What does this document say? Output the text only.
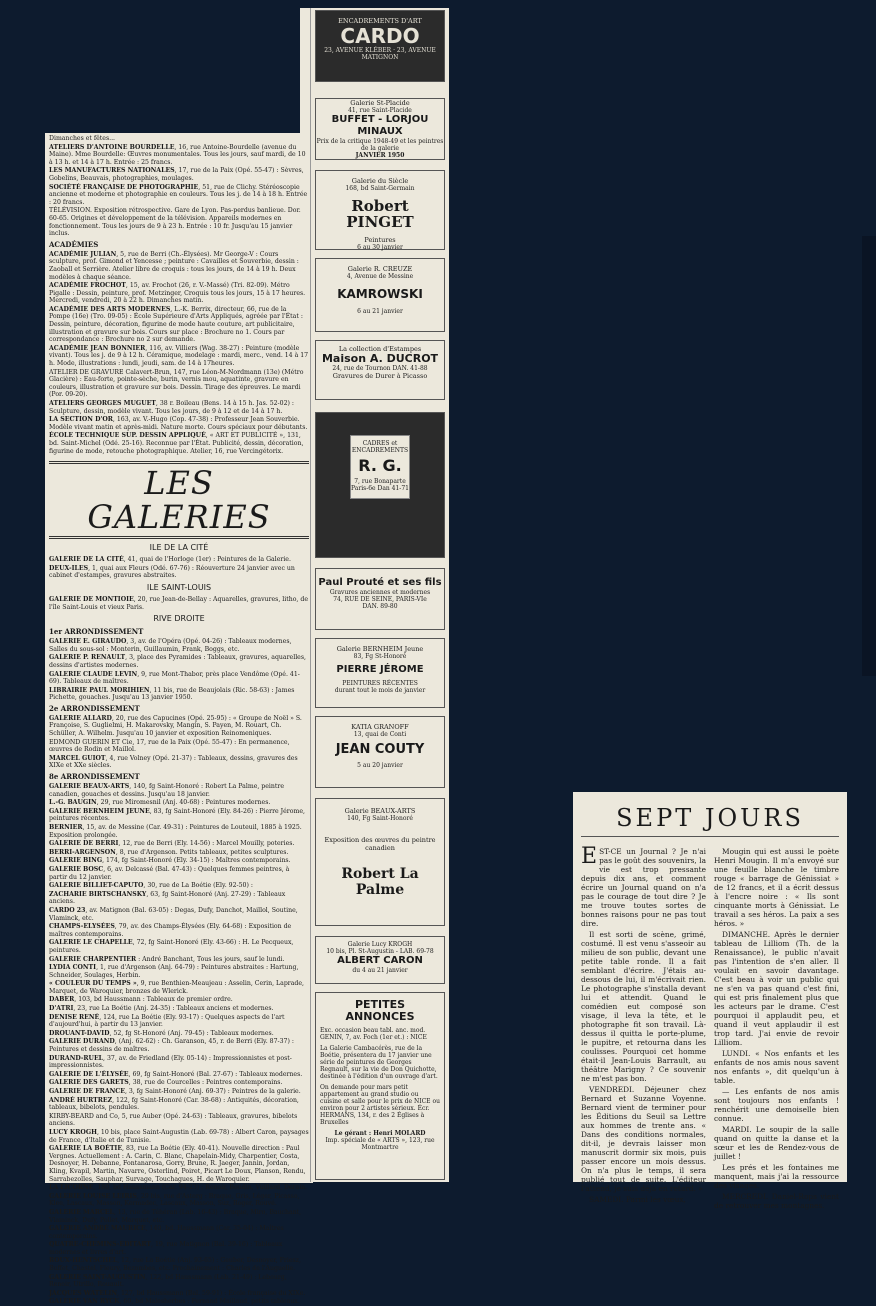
Dimanches et fêtes...
ATELIERS D'ANTOINE BOURDELLE, 16, rue Antoine-Bourdelle (avenue du Maine). Mme Bourdelle: Œuvres monumentales. Tous les jours, sauf mardi, de 10 à 13 h. et 14 à 17 h. Entrée : 25 francs.
LES MANUFACTURES NATIONALES, 17, rue de la Paix (Opé. 55-47) : Sèvres, Gobelins, Beauvais, photographies, moulages.
SOCIÉTÉ FRANÇAISE DE PHOTOGRAPHIE, 51, rue de Clichy. Stéréoscopie ancienne et moderne et photographie en couleurs. Tous les j. de 14 à 18 h. Entrée : 20 francs.
TÉLÉVISION. Exposition rétrospective. Gare de Lyon. Pas-perdus banlieue. Dor. 60-65. Origines et développement de la télévision. Appareils modernes en fonctionnement. Tous les jours de 9 à 23 h. Entrée : 10 fr. Jusqu'au 15 janvier inclus.
ACADÉMIES
ACADÉMIE JULIAN, 5, rue de Berri (Ch.-Élysées). Mr George-V : Cours sculpture, prof. Gimond et Yencesse ; peinture : Cavailles et Souverbie, dessin : Zaoball et Serrière. Atelier libre de croquis : tous les jours, de 14 à 19 h. Deux modèles à chaque séance.
ACADÉMIE FROCHOT, 15, av. Frochot (26, r. V.-Massé) (Tri. 82-09). Métro Pigalle : Dessin, peinture, prof. Metzinger, Croquis tous les jours, 15 à 17 heures. Mercredi, vendredi, 20 à 22 h. Dimanches matin.
ACADÉMIE DES ARTS MODERNES, L.-K. Berrix, directeur, 66, rue de la Pompe (16e) (Tro. 09-05) : École Supérieure d'Arts Appliqués, agréée par l'État : Dessin, peinture, décoration, figurine de mode haute couture, art publicitaire, illustration et gravure sur bois. Cours sur place : Brochure no 1. Cours par correspondance : Brochure no 2 sur demande.
ACADÉMIE JEAN BONNIER, 116, av. Villiers (Wag. 38-27) : Peinture (modèle vivant). Tous les j. de 9 à 12 h. Céramique, modelage : mardi, merc., vend. 14 à 17 h. Mode, illustrations : lundi, jeudi, sam. de 14 à 17heures.
ATELIER DE GRAVURE Calavert-Brun, 147, rue Léon-M-Nordmann (13e) (Métro Glacière) : Eau-forte, pointe-sèche, burin, vernis mou, aquatinte, gravure en couleurs, illustration et gravure sur bois. Dessin. Tirage des épreuves. Le mardi (Por. 09-20).
ATELIERS GEORGES MUGUET, 38 r. Boileau (Bens. 14 à 15 h. Jas. 52-02) : Sculpture, dessin, modèle vivant. Tous les jours, de 9 à 12 et de 14 à 17 h.
LA SECTION D'OR, 163, av. V.-Hugo (Cop. 47-38) : Professeur Jean Souverbie. Modèle vivant matin et après-midi. Nature morte. Cours spéciaux pour débutants.
ÉCOLE TECHNIQUE SUP. DESSIN APPLIQUÉ, « ART ET PUBLICITÉ », 131, bd. Saint-Michel (Odé. 25-16). Reconnue par l'État. Publicité, dessin, décoration, figurine de mode, retouche photographique. Atelier, 16, rue Vercingétorix.
LES GALERIES
ILE DE LA CITÉ
GALERIE DE LA CITÉ, 41, quai de l'Horloge (1er) : Peintures de la Galerie.
DEUX-ILES, 1, quai aux Fleurs (Odé. 67-76) : Réouverture 24 janvier avec un cabinet d'estampes, gravures abstraites.
ILE SAINT-LOUIS
GALERIE DE MONTIOIE, 20, rue Jean-de-Bellay : Aquarelles, gravures, litho, de l'île Saint-Louis et vieux Paris.
RIVE DROITE
1er ARRONDISSEMENT
GALERIE E. GIRAUDO, 3, av. de l'Opéra (Opé. 04-26) : Tableaux modernes, Salles du sous-sol : Monterin, Guillaumin, Frank, Boggs, etc.
GALERIE P. RENAULT, 3, place des Pyramides : Tableaux, gravures, aquarelles, dessins d'artistes modernes.
GALERIE CLAUDE LEVIN, 9, rue Mont-Thabor, près place Vendôme (Opé. 41-69). Tableaux de maîtres.
LIBRAIRIE PAUL MORIHIEN, 11 bis, rue de Beaujolais (Ric. 58-63) : James Pichette, gouaches. Jusqu'au 13 janvier 1950.
2e ARRONDISSEMENT
GALERIE ALLARD, 20, rue des Capucines (Opé. 25-95) : « Groupe de Noël » S. Françoise, S. Guglielmi, H. Makarovsky, Mangin, S. Payen, M. Rouart, Ch. Schüller, A. Wilhelm. Jusqu'au 10 janvier et exposition Reinomeniques.
EDMOND GUERIN ET Cie, 17, rue de la Paix (Opé. 55-47) : En permanence, œuvres de Rodin et Maillol.
MARCEL GUIOT, 4, rue Volney (Opé. 21-37) : Tableaux, dessins, gravures des XIXe et XXe siècles.
8e ARRONDISSEMENT
GALERIE BEAUX-ARTS, 140, fg Saint-Honoré : Robert La Palme, peintre canadien, gouaches et dessins. Jusqu'au 18 janvier.
L.-G. BAUGIN, 29, rue Miromesnil (Anj. 40-68) : Peintures modernes.
GALERIE BERNHEIM JEUNE, 83, fg Saint-Honoré (Ely. 84-26) : Pierre Jérome, peintures récentes.
BERNIER, 15, av. de Messine (Car. 49-31) : Peintures de Louteuil, 1885 à 1925. Exposition prolongée.
GALERIE DE BERRI, 12, rue de Berri (Ely. 14-56) : Marcel Mouilly, poteries.
BERRI-ARGENSON, 8, rue d'Argenson. Petits tableaux, petites sculptures.
GALERIE BING, 174, fg Saint-Honoré (Ely. 34-15) : Maîtres contemporains.
GALERIE BOSC, 6, av. Delcassé (Bal. 47-43) : Quelques femmes peintres, à partir du 12 janvier.
GALERIE BILLIET-CAPUTO, 30, rue de La Boétie (Ely. 92-50) :
ZACHARIE BIRTSCHANSKY, 63, fg Saint-Honoré (Anj. 27-29) : Tableaux anciens.
CARDO 23, av. Matignon (Bal. 63-05) : Degas, Dufy, Danchot, Maillol, Soutine, Vlaminck, etc.
CHAMPS-ELYSÉES, 79, av. des Champs-Élysées (Ely. 64-68) : Exposition de maîtres contemporains.
GALERIE LE CHAPELLE, 72, fg Saint-Honoré (Ely. 43-66) : H. Le Pecqueux, peintures.
GALERIE CHARPENTIER : André Banchant, Tous les jours, sauf le lundi.
LYDIA CONTI, 1, rue d'Argenson (Anj. 64-79) : Peintures abstraites : Hartung, Schneider, Soulages, Herbin.
« COULEUR DU TEMPS », 9, rue Benthien-Meaujeau : Asselin, Cerin, Laprade, Marquet, de Waroquier, bronzes de Wlerick.
DABER, 103, bd Haussmann : Tableaux de premier ordre.
D'ATRI, 23, rue La Boétie (Anj. 24-35) : Tableaux anciens et modernes.
DENISE RENÉ, 124, rue La Boétie (Ely. 93-17) : Quelques aspects de l'art d'aujourd'hui, à partir du 13 janvier.
DROUANT-DAVID, 52, fg St-Honoré (Anj. 79-45) : Tableaux modernes.
GALERIE DURAND, (Anj. 62-62) : Ch. Garanson, 45, r. de Berri (Ely. 87-37) : Peintures et dessins de maîtres.
DURAND-RUEL, 37, av. de Friedland (Ely. 05-14) : Impressionnistes et post-impressionnistes.
GALERIE DE L'ÉLYSÉE, 69, fg Saint-Honoré (Bal. 27-67) : Tableaux modernes.
GALERIE DES GARETS, 38, rue de Courcelles : Peintres contemporains.
GALERIE DE FRANCE, 3, fg Saint-Honoré (Anj. 69-37) : Peintres de la galerie.
ANDRÉ HURTREZ, 122, fg Saint-Honoré (Car. 38-68) : Antiquités, décoration, tableaux, bibelots, pendules.
KIRBY-BEARD and Co, 5, rue Auber (Opé. 24-63) : Tableaux, gravures, bibelots anciens.
LUCY KROGH, 10 bis, place Saint-Augustin (Lab. 69-78) : Albert Caron, paysages de France, d'Italie et de Tunisie.
GALERIE LA BOÉTIE, 83, rue La Boétie (Ely. 40-41). Nouvelle direction : Paul Vergnes. Actuellement : A. Carin, C. Blanc, Chapelain-Midy, Charpentier, Costa, Desnoyer, H. Debanne, Fontanarosa, Gorry, Brune, R. Jaeger, Jannin, Jordan, Kling, Kvapil, Martin, Navarre, Osterlind, Poiret, Picart Le Doux, Planson, Rendu, Sarrabezolles, Sauphar, Survage, Touchagues, H. de Waroquier.
LA LICORNE, 180, bd Haussmann (Car. 94-23) : Renoir, Boudin, Vuillard, Derain.
GALERIE LOUISE LEIRIS, 29 bis, rue d'Astorg : Braque, Gris, Léger, Picasso, Klee, Lascaux, Masson, Kermadec, Lascaux, Masson, Suz, Roger, Rouvé.
GALERIE MARCEL, 13, rue de Téhéran (Lab. 16-43) : Braque, Miro, Bauchant, Vlaminck, Dufy, Pollet, Marquet, etc.
GALERIE ANDRÉ MAURICE, 140, bd. Haussmann (Car. 35-04) : Maîtres contemporains.
QUATRE-CHEMINS-EDITART, 19, rue Matignon (Bal. 39-16) : Tableaux modernes et livres d'art.
ROUX-HENTSCHEL, 12, rue La Boétie (Anj. 93-65) : Geuber, Desnoyer, Friesz, Buffet, Chastel, Fleury, Bezombes, etc. Prochainement : Charles de l'Auguelle.
GALERIE SAINT-AUGUSTIN, 122, bd Haussmann (Lab. 21-49) : Lebourg, Renoir, Utrillo, Rouault.
JACQUES WATELIN, 127, bd Haussmann (Bal. 59-91) : École française du XIXe.
GALERIE VAN RYCK, 60, bd Malesherbes : Fernand Maillaud, petits tableaux.
ENCADREMENTS D'ART
CARDO
23, AVENUE KLÉBER · 23, AVENUE MATIGNON
Galerie St-Placide
41, rue Saint-Placide
BUFFET - LORJOU MINAUX
Prix de la critique 1948-49 et les peintres de la galerie
JANVIER 1950
Galerie du Siècle
168, bd Saint-Germain
Robert PINGET
Peintures
6 au 30 janvier
Galerie R. CREUZE
4, Avenue de Messine
KAMROWSKI
6 au 21 janvier
La collection d'Estampes
Maison A. DUCROT
24, rue de Tournon DAN. 41-88
Gravures de Durer à Picasso
CADRES et ENCADREMENTS
R. G.
7, rue Bonaparte
Paris-6e Dan 41-71
Paul Prouté et ses fils
Gravures anciennes et modernes
74, RUE DE SEINE, PARIS-VIe
DAN. 89-80
Galerie BERNHEIM Jeune
83, Fg St-Honoré
PIERRE JÉROME
PEINTURES RÉCENTES
durant tout le mois de janvier
KATIA GRANOFF
13, quai de Conti
JEAN COUTY
5 au 20 janvier
Galerie BEAUX-ARTS
140, Fg Saint-Honoré
Exposition des œuvres du peintre canadien
Robert La Palme
Galerie Lucy KROGH
10 bis, Pl. St-Augustin - LAB. 69-78
ALBERT CARON
du 4 au 21 janvier
PETITES ANNONCES
Exc. occasion beau tabl. anc. mod. GENIN, 7, av. Foch (1er et.) : NICE
La Galerie Cambacérès, rue de la Boétie, présentera du 17 janvier une série de peintures de Georges Regnault, sur la vie de Don Quichotte, destinée à l'édition d'un ouvrage d'art.
On demande pour mars petit appartement au grand studio ou cuisine et salle pour le prix de NICE ou environ pour 2 artistes sérieux. Écr. HERMANS, 134, r. des 2 Églises à Bruxelles
Le gérant : Henri MOLARD
Imp. spéciale de « ARTS », 123, rue Montmartre
SEPT JOURS

EST-CE un Journal ? Je n'ai pas le goût des souvenirs, la vie est trop pressante depuis dix ans, et comment écrire un Journal quand on n'a pas le courage de tout dire ? Je me trouve toutes sortes de bonnes raisons pour ne pas tout dire.

Il est sorti de scène, grimé, costumé. Il est venu s'asseoir au milieu de son public, devant une petite table ronde. Il a fait semblant d'écrire. J'étais au-dessous de lui, il m'écrivait rien. Le photographe s'installa devant lui et attendit. Quand le comédien eut composé son visage, il leva la tête, et le photographe fit son travail. Là-dessus il quitta le porte-plume, le pupitre, et retourna dans les coulisses. Pourquoi cet homme était-il Jean-Louis Barrault, au théâtre Marigny ? Ce souvenir ne m'est pas bon.

VENDREDI. Déjeuner chez Bernard et Suzanne Voyenne. Bernard vient de terminer pour les Éditions du Seuil sa Lettre aux hommes de trente ans. « Dans des conditions normales, dit-il, je devrais laisser mon manuscrit dormir six mois, puis passer encore un mois dessus. On n'a plus le temps, il sera publié tout de suite. L'éditeur l'attend, je suis déjà en retard. »

SAMEDI. Parmi les vœux,

Mougin qui est aussi le poète Henri Mougin. Il m'a envoyé sur une feuille blanche le timbre rouge « barrage de Génissiat » de 12 francs, et il a écrit dessus à l'encre noire : « Ils sont cinquante morts à Génissiat. Le travail a ses héros. La paix a ses héros. »

DIMANCHE. Après le dernier tableau de Lilliom (Th. de la Renaissance), le public n'avait pas l'intention de s'en aller. Il voulait en savoir davantage. C'est beau à voir un public qui ne s'en va pas quand c'est fini, qui est pris finalement plus que les acteurs par le drame. C'est pourquoi il applaudit peu, et quand il veut applaudir il est trop tard. J'ai envie de revoir Lilliom.

LUNDI. « Nos enfants et les enfants de nos amis nous savent nos enfants », dit quelqu'un à table.

— Les enfants de nos amis sont toujours nos enfants ! renchérit une demoiselle bien connue.

MARDI. Le soupir de la salle quand on quitte la danse et la sœur et les de Rendez-vous de juillet !

Les prés et les fontaines me manquent, mais j'ai la ressource des visages.

MERCREDI. Daniel-Rops vient de retrouver mes montagnes.
